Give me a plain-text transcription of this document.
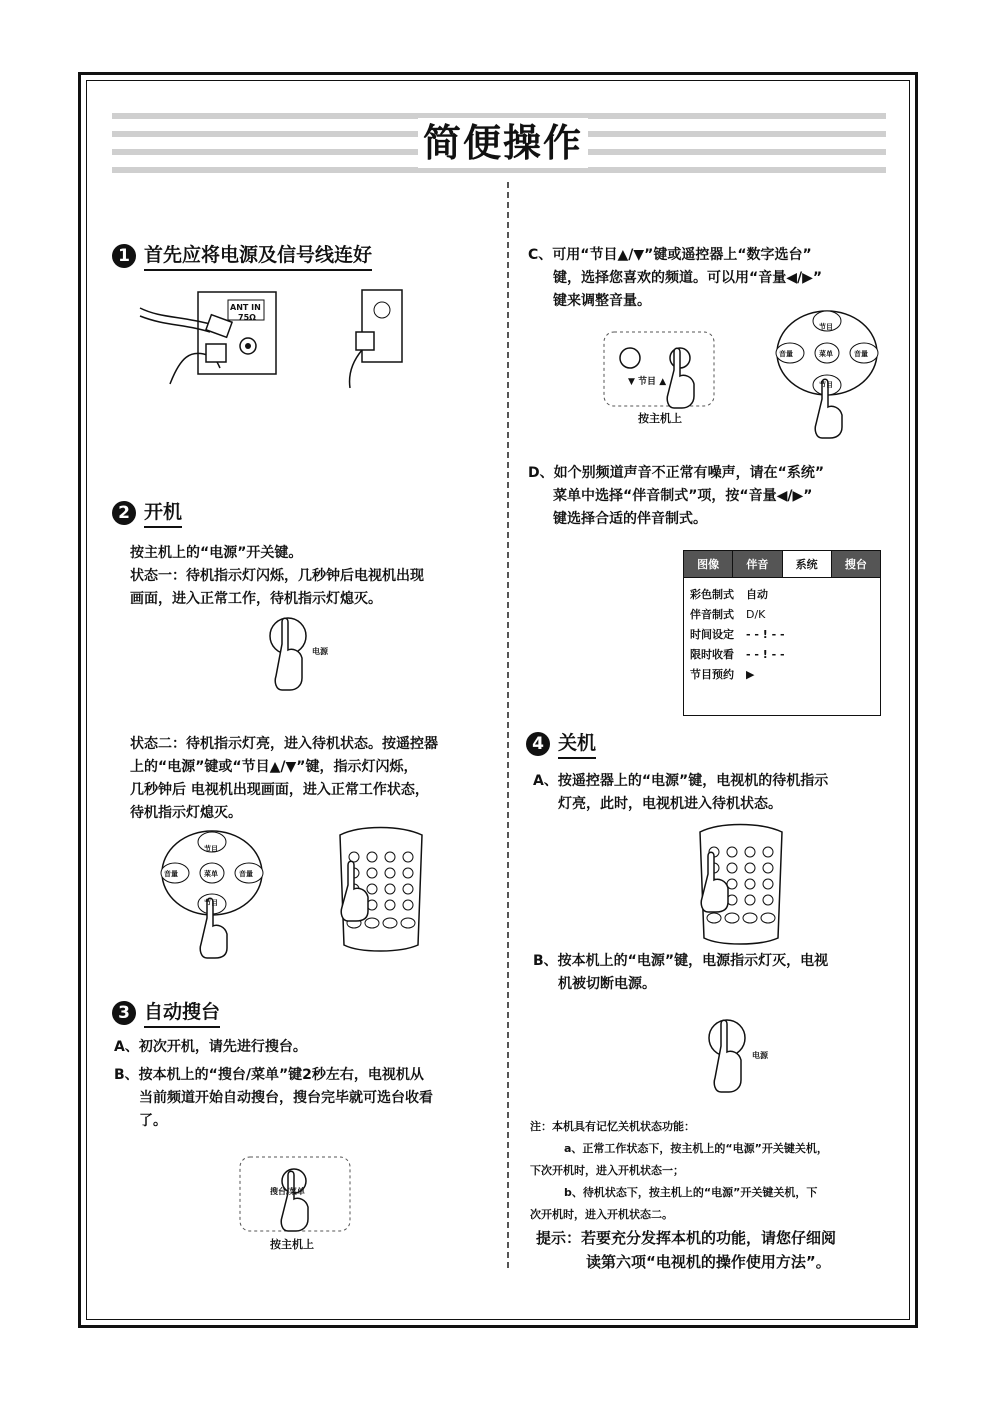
简便操作
1 首先应将电源及信号线连好
ANT IN
75Ω
2 开机
按主机上的“电源”开关键。
状态一：待机指示灯闪烁，几秒钟后电视机出现
画面，进入正常工作，待机指示灯熄灭。
电源
状态二：待机指示灯亮，进入待机状态。按遥控器
上的“电源”键或“节目▲/▼”键，指示灯闪烁，
几秒钟后 电视机出现画面，进入正常工作状态，
待机指示灯熄灭。
节目
节目
音量	音量
菜单
3 自动搜台
A、初次开机，请先进行搜台。
B、按本机上的“搜台/菜单”键2秒左右，电视机从
当前频道开始自动搜台，搜台完毕就可选台收看
了。
搜台/菜单
按主机上
C、可用“节目▲/▼”键或遥控器上“数字选台”
键，选择您喜欢的频道。可以用“音量◀/▶”
键来调整音量。
▼ 节目 ▲
按主机上
节目
节目
音量	音量
菜单
D、如个别频道声音不正常有噪声，请在“系统”
菜单中选择“伴音制式”项，按“音量◀/▶”
键选择合适的伴音制式。
图像	伴音	系统	搜台
彩色制式	自动
伴音制式	D/K
时间设定	- - ! - -
限时收看	- - ! - -
节目预约	▶
4 关机
A、按遥控器上的“电源”键，电视机的待机指示
灯亮，此时，电视机进入待机状态。
B、按本机上的“电源”键，电源指示灯灭，电视
机被切断电源。
电源
注：本机具有记忆关机状态功能：
a、正常工作状态下，按主机上的“电源”开关键关机，
下次开机时，进入开机状态一；
b、待机状态下，按主机上的“电源”开关键关机，下
次开机时，进入开机状态二。
提示：若要充分发挥本机的功能，请您仔细阅
读第六项“电视机的操作使用方法”。
